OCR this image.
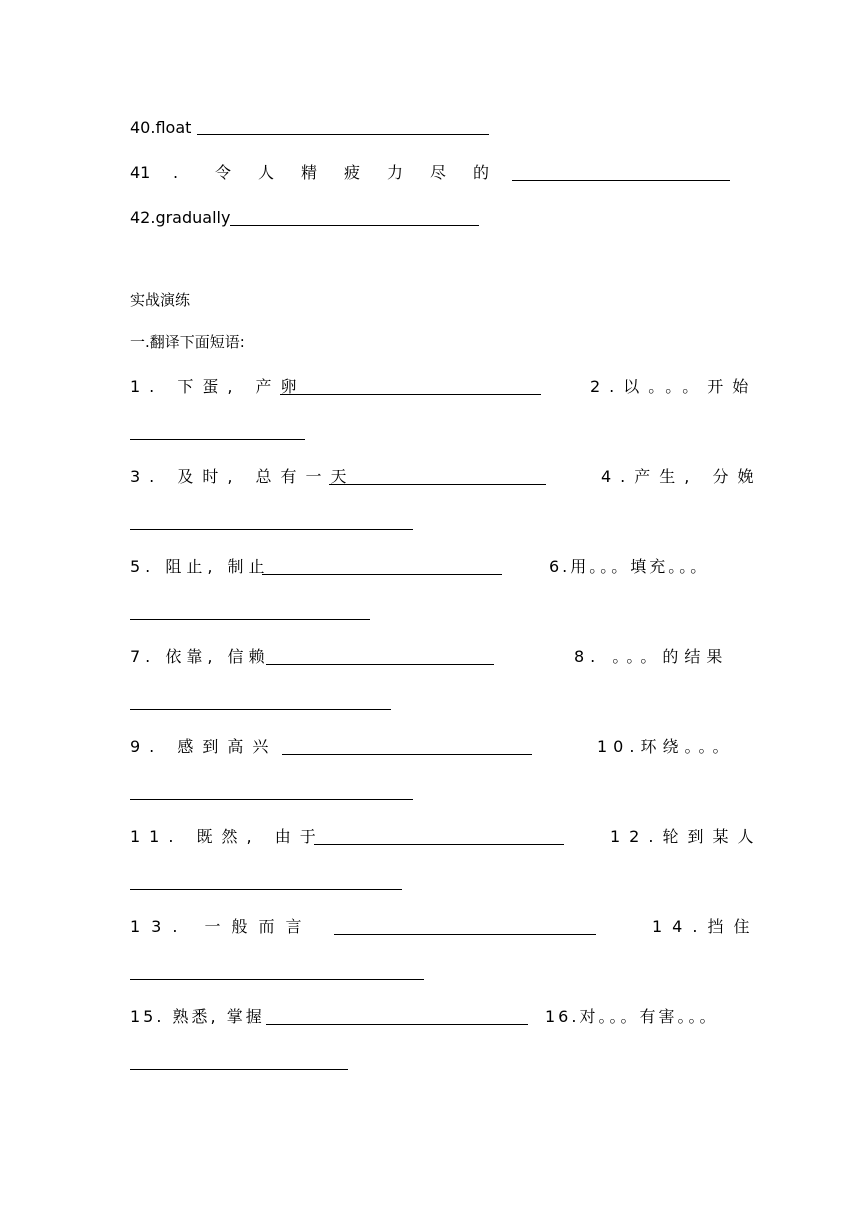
40.float
41 . 令 人 精 疲 力 尽 的
42.gradually
实战演练
一.翻译下面短语:
1. 下蛋, 产卵	2.以。。。开始
3. 及时, 总有一天	4.产生, 分娩
5. 阻止, 制止	6.用。。。填充。。。
7. 依靠, 信赖	8. 。。。的结果
9. 感到高兴	10.环绕。。。
11. 既然, 由于	12.轮到某人
13. 一般而言	14.挡住
15. 熟悉, 掌握	16.对。。。有害。。。
